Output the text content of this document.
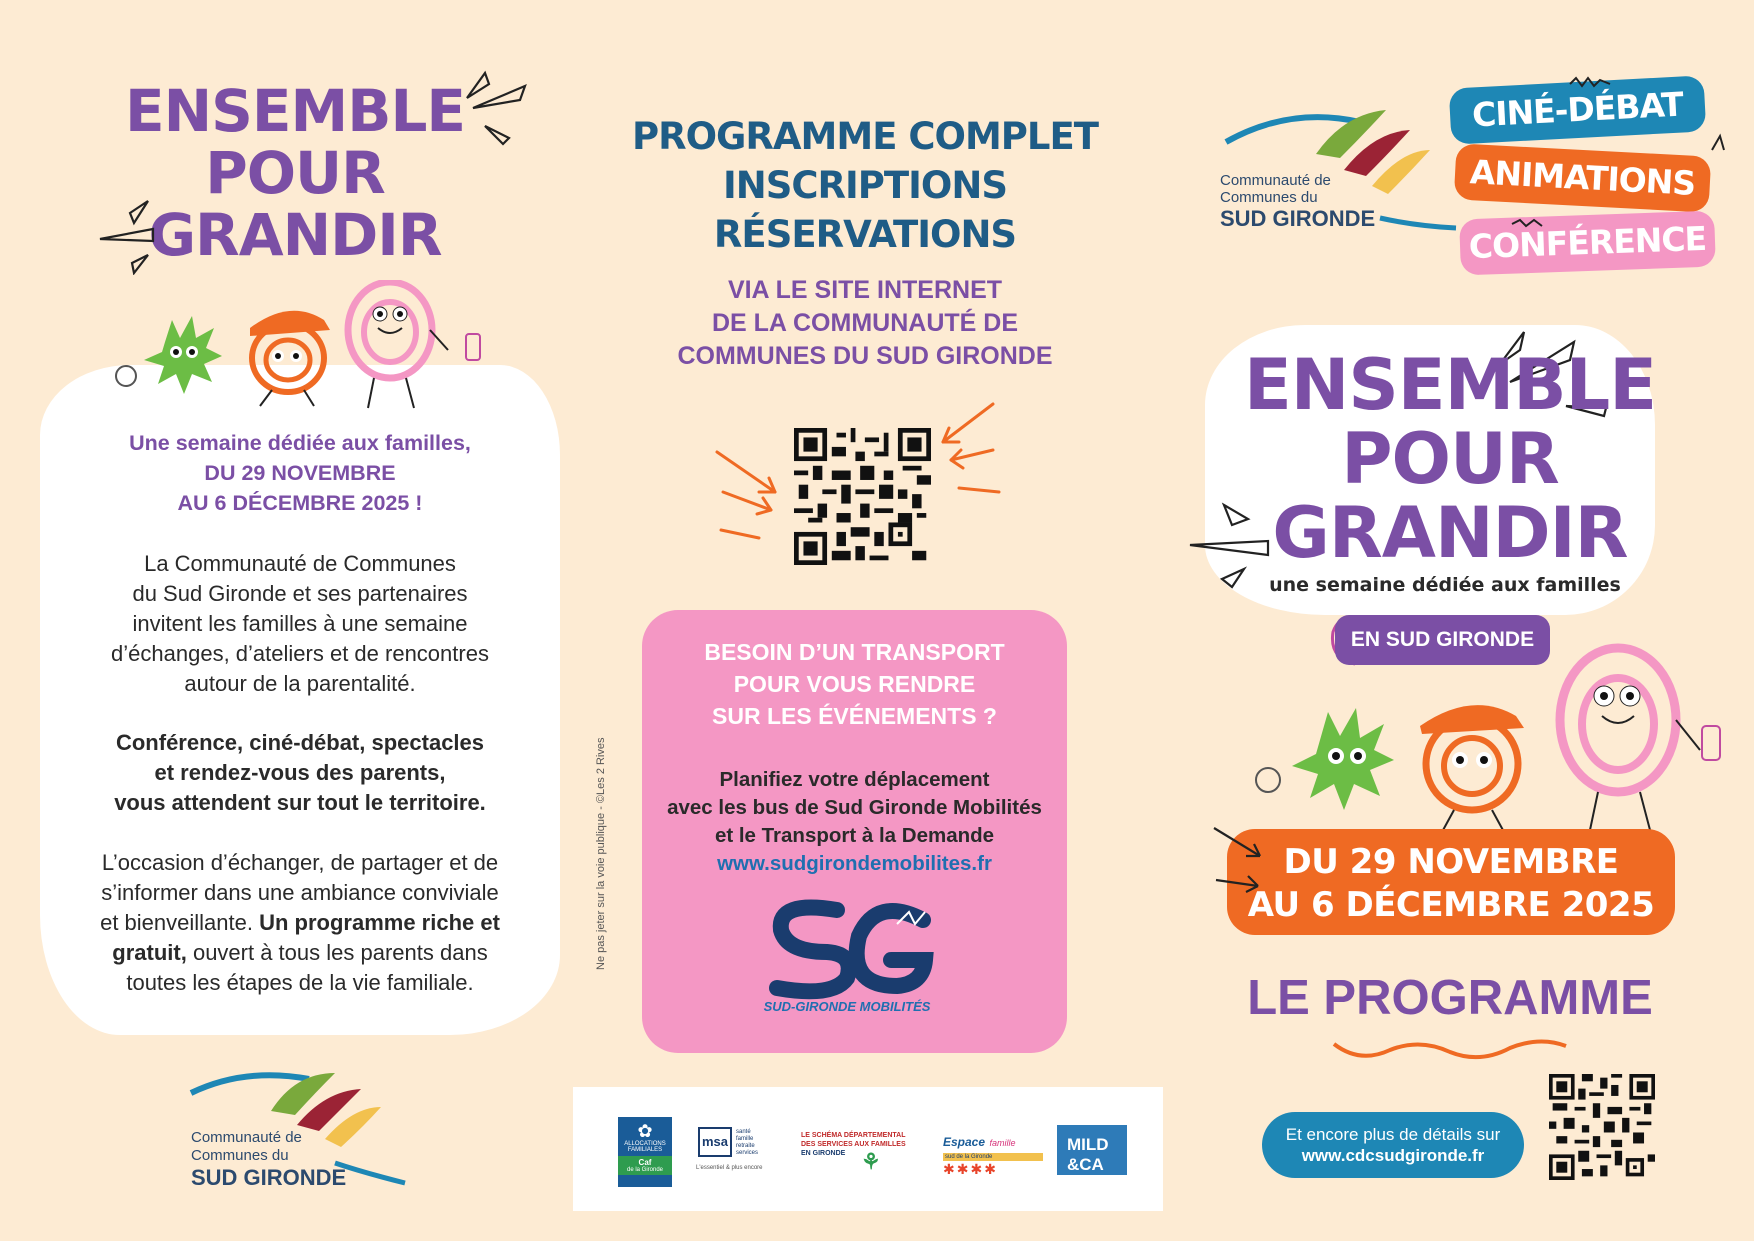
ENSEMBLE
POUR
GRANDIR
Une semaine dédiée aux familles,
DU 29 NOVEMBRE
AU 6 DÉCEMBRE 2025 !
La Communauté de Communes
du Sud Gironde et ses partenaires
invitent les familles à une semaine
d’échanges, d’ateliers et de rencontres
autour de la parentalité.
Conférence, ciné-débat, spectacles
et rendez-vous des parents,
vous attendent sur tout le territoire.
L’occasion d’échanger, de partager et de
s’informer dans une ambiance conviviale
et bienveillante. Un programme riche et
gratuit, ouvert à tous les parents dans
toutes les étapes de la vie familiale.
Communauté de
Communes du
SUD GIRONDE
PROGRAMME COMPLET
INSCRIPTIONS
RÉSERVATIONS
VIA LE SITE INTERNET
DE LA COMMUNAUTÉ DE
COMMUNES DU SUD GIRONDE
BESOIN D’UN TRANSPORT
POUR VOUS RENDRE
SUR LES ÉVÉNEMENTS ?
Planifiez votre déplacement
avec les bus de Sud Gironde Mobilités
et le Transport à la Demande
www.sudgirondemobilites.fr
SUD-GIRONDE MOBILITÉS
Ne pas jeter sur la voie publique - ©Les 2 Rives
✿
ALLOCATIONS
FAMILIALES
Caf
de la Gironde
msa
santé
famille
retraite
services
L'essentiel & plus encore
LE SCHÉMA DÉPARTEMENTAL
DES SERVICES AUX FAMILLES
EN GIRONDE ⚘
Espace famille
sud de la Gironde
✱✱✱✱
MILD
&CA
Communauté de
Communes du
SUD GIRONDE
CINÉ-DÉBAT
ANIMATIONS
CONFÉRENCE
ENSEMBLE
POUR
GRANDIR
une semaine dédiée aux familles
EN SUD GIRONDE
DU 29 NOVEMBRE
AU 6 DÉCEMBRE 2025
LE PROGRAMME
Et encore plus de détails sur
www.cdcsudgironde.fr
